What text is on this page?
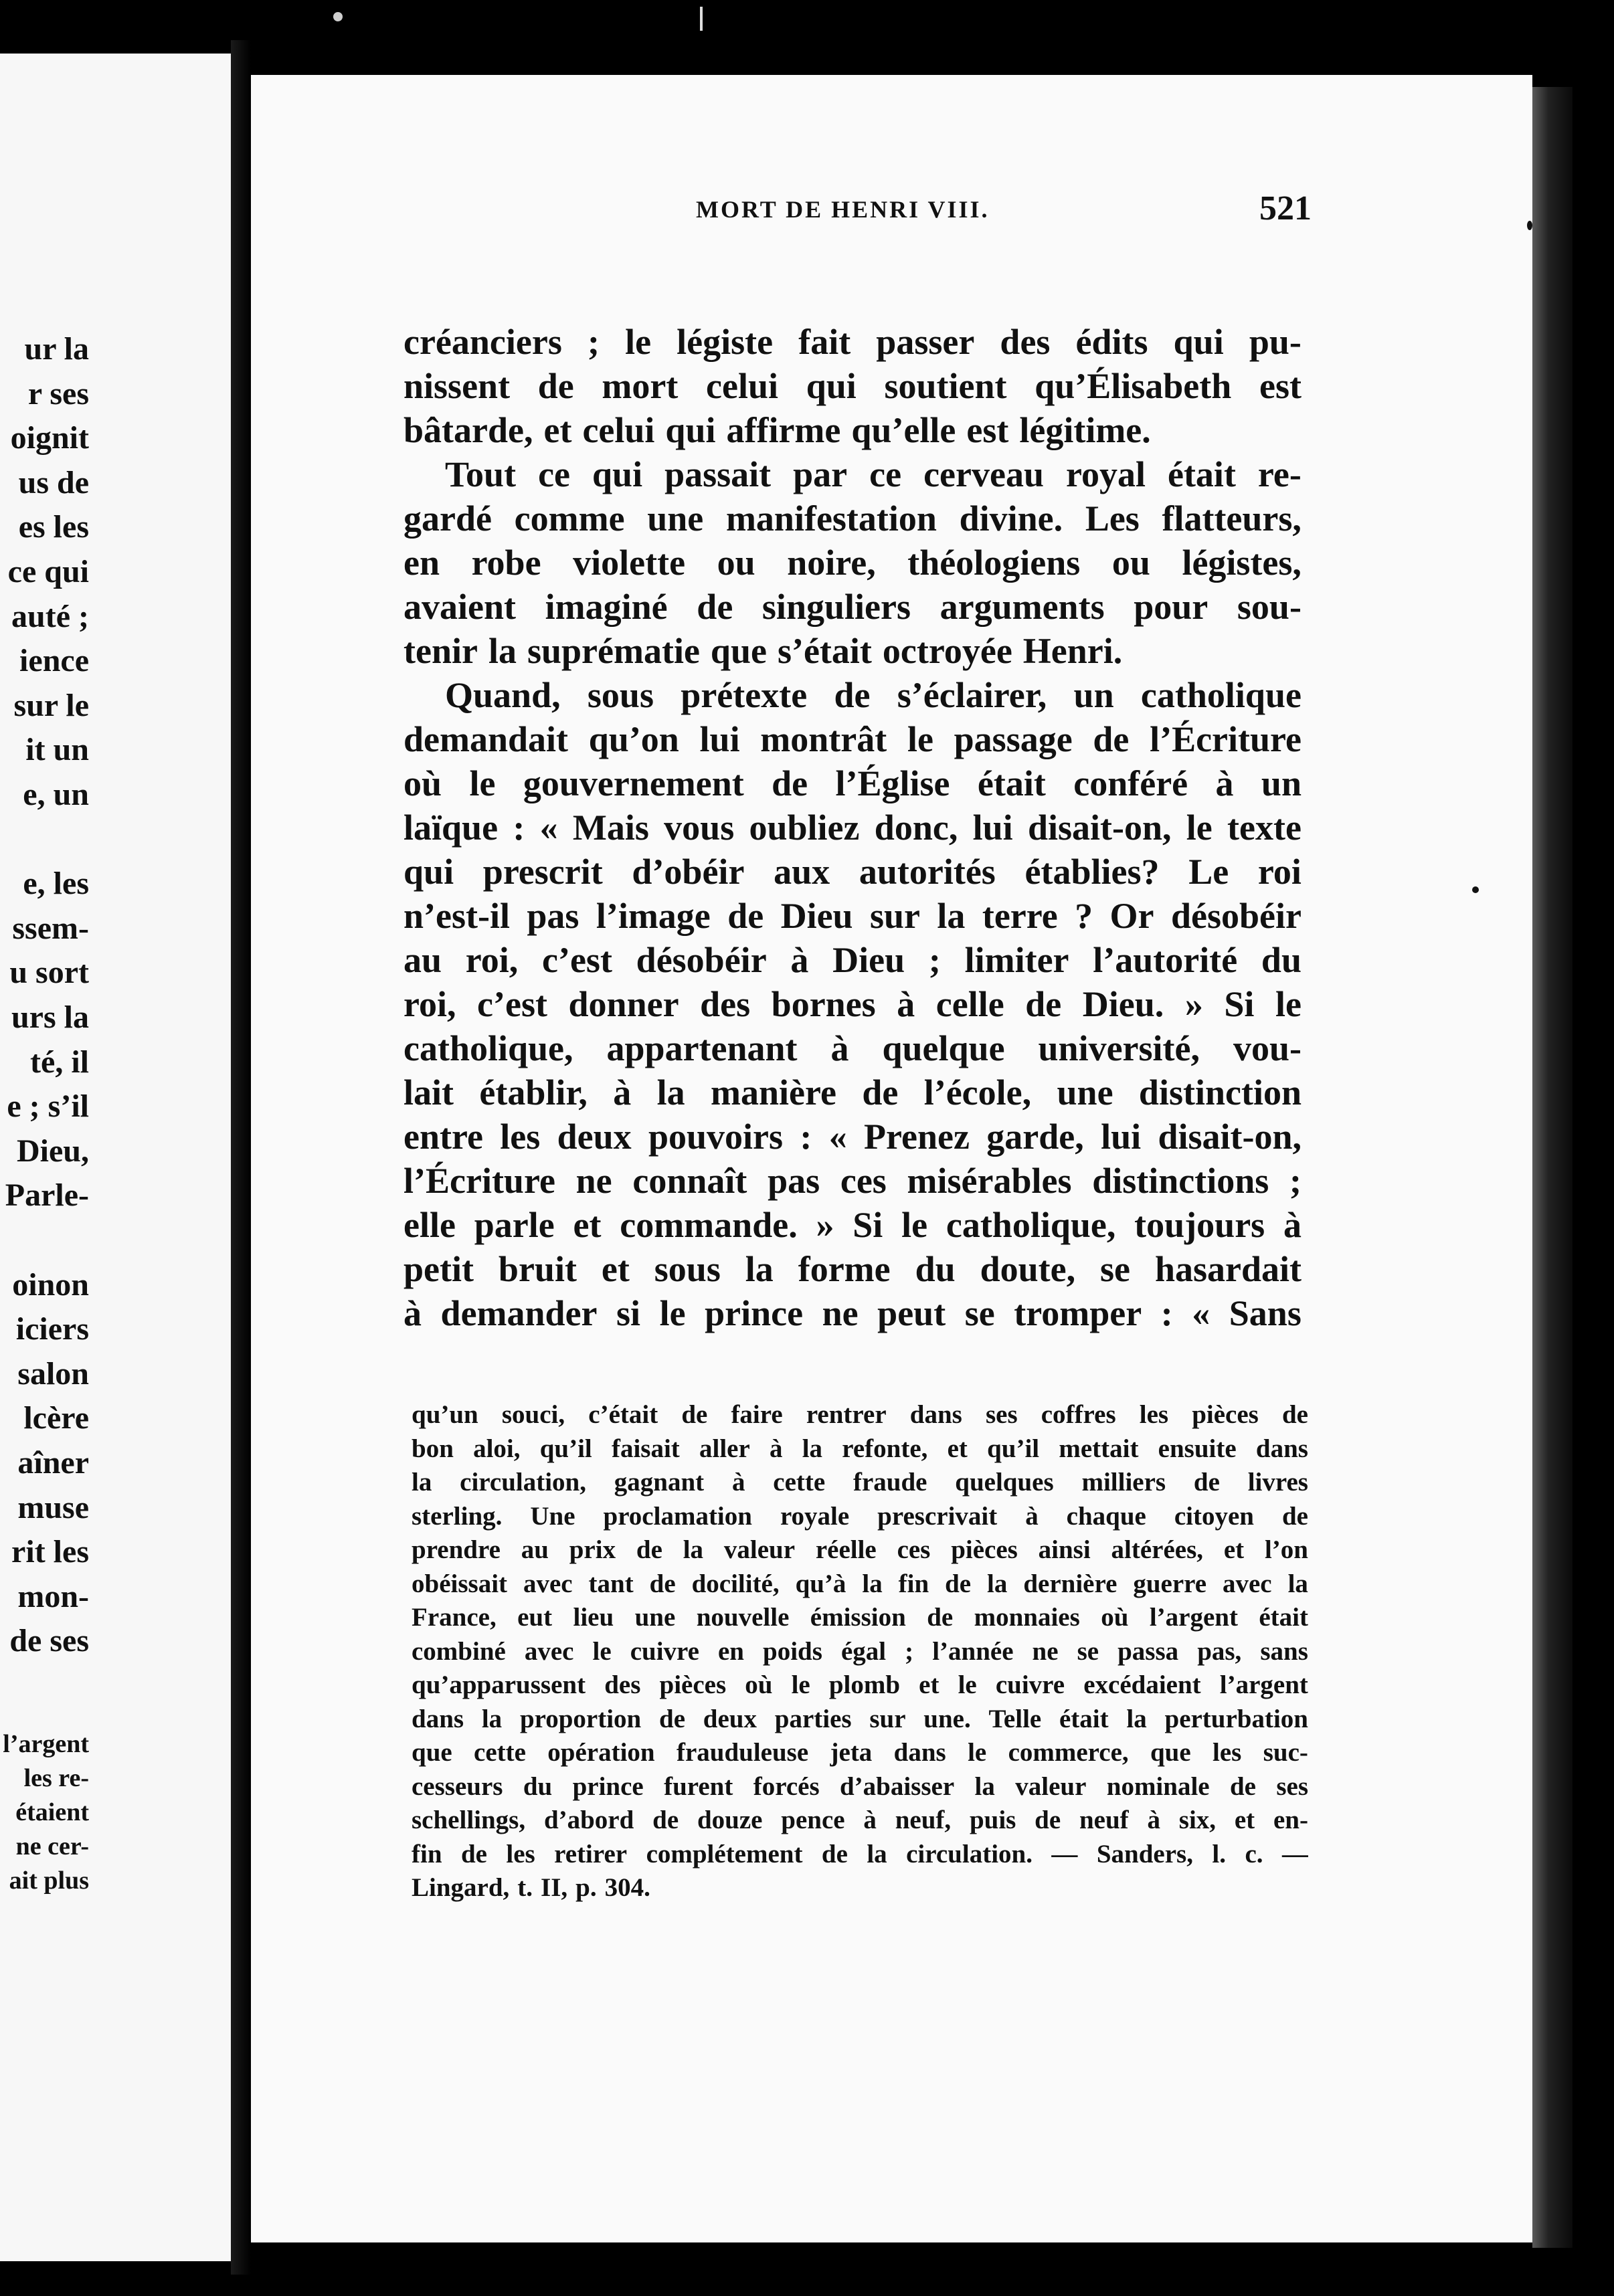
ur la
r ses
oignit
us de
es les
ce qui
auté ;
ience
sur le
it un
e, un
e, les
ssem-
u sort
urs la
té, il
e ; s’il
Dieu,
Parle-
oinon
iciers
salon
lcère
aîner
muse
rit les
mon-
de ses
l’argent
les re-
étaient
ne cer-
ait plus
MORT DE HENRI VIII.	521
créanciers ; le légiste fait passer des édits qui pu-
nissent de mort celui qui soutient qu’Élisabeth est
bâtarde, et celui qui affirme qu’elle est légitime.
Tout ce qui passait par ce cerveau royal était re-
gardé comme une manifestation divine. Les flatteurs,
en robe violette ou noire, théologiens ou légistes,
avaient imaginé de singuliers arguments pour sou-
tenir la suprématie que s’était octroyée Henri.
Quand, sous prétexte de s’éclairer, un catholique
demandait qu’on lui montrât le passage de l’Écriture
où le gouvernement de l’Église était conféré à un
laïque : « Mais vous oubliez donc, lui disait-on, le texte
qui prescrit d’obéir aux autorités établies? Le roi
n’est-il pas l’image de Dieu sur la terre ? Or désobéir
au roi, c’est désobéir à Dieu ; limiter l’autorité du
roi, c’est donner des bornes à celle de Dieu. » Si le
catholique, appartenant à quelque université, vou-
lait établir, à la manière de l’école, une distinction
entre les deux pouvoirs : « Prenez garde, lui disait-on,
l’Écriture ne connaît pas ces misérables distinctions ;
elle parle et commande. » Si le catholique, toujours à
petit bruit et sous la forme du doute, se hasardait
à demander si le prince ne peut se tromper : « Sans
qu’un souci, c’était de faire rentrer dans ses coffres les pièces de
bon aloi, qu’il faisait aller à la refonte, et qu’il mettait ensuite dans
la circulation, gagnant à cette fraude quelques milliers de livres
sterling. Une proclamation royale prescrivait à chaque citoyen de
prendre au prix de la valeur réelle ces pièces ainsi altérées, et l’on
obéissait avec tant de docilité, qu’à la fin de la dernière guerre avec la
France, eut lieu une nouvelle émission de monnaies où l’argent était
combiné avec le cuivre en poids égal ; l’année ne se passa pas, sans
qu’apparussent des pièces où le plomb et le cuivre excédaient l’argent
dans la proportion de deux parties sur une. Telle était la perturbation
que cette opération frauduleuse jeta dans le commerce, que les suc-
cesseurs du prince furent forcés d’abaisser la valeur nominale de ses
schellings, d’abord de douze pence à neuf, puis de neuf à six, et en-
fin de les retirer complétement de la circulation. — Sanders, l. c. —
Lingard, t. II, p. 304.
